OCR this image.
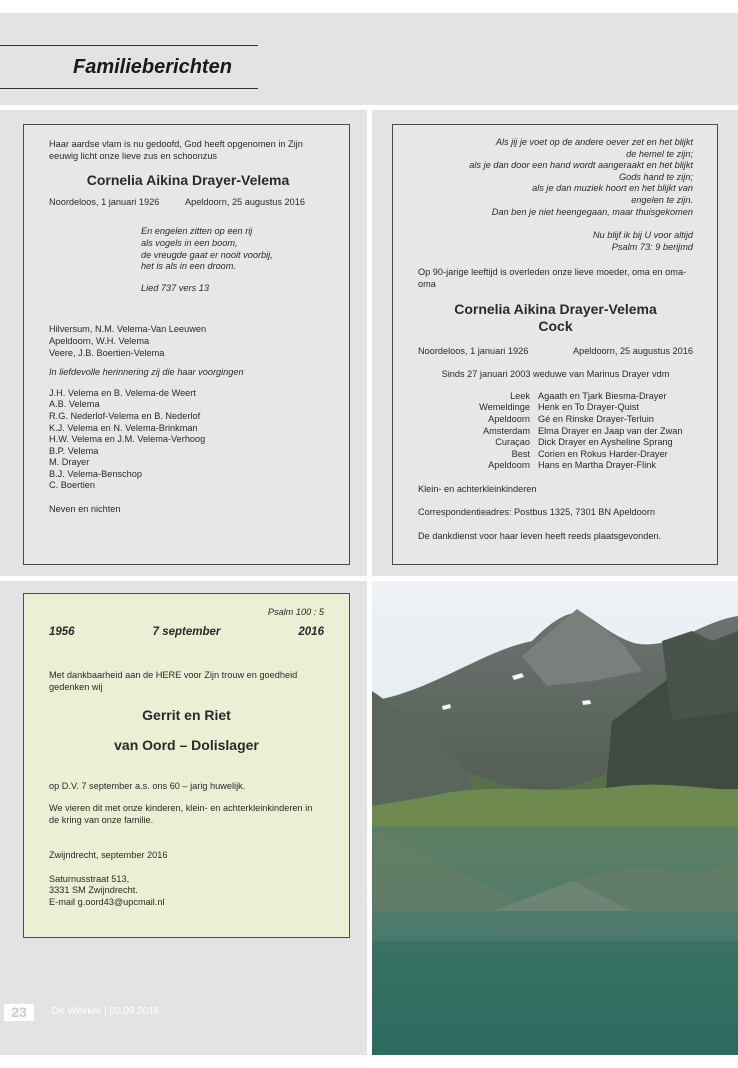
Familieberichten

Haar aardse vlam is nu gedoofd, God heeft opgenomen in Zijn eeuwig licht onze lieve zus en schoonzus

Cornelia Aikina Drayer-Velema

Noordeloos, 1 januari 1926	Apeldoorn, 25 augustus 2016

En engelen zitten op een rij

als vogels in een boom,

de vreugde gaat er nooit voorbij,

het is als in een droom.

Lied 737 vers 13

Hilversum, N.M. Velema-Van Leeuwen

Apeldoorn, W.H. Velema

Veere, J.B. Boertien-Velema

In liefdevolle herinnering zij die haar voorgingen

J.H. Velema en B. Velema-de Weert

A.B. Velema

R.G. Nederlof-Velema en B. Nederlof

K.J. Velema en N. Velema-Brinkman

H.W. Velema en J.M. Velema-Verhoog

B.P. Velema

M. Drayer

B.J. Velema-Benschop

C. Boertien

Neven en nichten

Als jij je voet op de andere oever zet en het blijkt

de hemel te zijn;

als je dan door een hand wordt aangeraakt en het blijkt

Gods hand te zijn;

als je dan muziek hoort en het blijkt van

engelen te zijn.

Dan ben je niet heengegaan, maar thuisgekomen

Nu blijf ik bij U voor altijd

Psalm 73: 9 berijmd

Op 90-jarige leeftijd is overleden onze lieve moeder, oma en oma-oma

Cornelia Aikina Drayer-Velema

Cock

Noordeloos, 1 januari 1926	Apeldoorn, 25 augustus 2016

Sinds 27 januari 2003 weduwe van Marinus Drayer vdm

Leek Agaath en Tjark Biesma-Drayer
Wemeldinge Henk en To Drayer-Quist
Apeldoorn Gé en Rinske Drayer-Terluin
Amsterdam Elma Drayer en Jaap van der Zwan
Curaçao Dick Drayer en Aysheline Sprang
Best Corien en Rokus Harder-Drayer
Apeldoorn Hans en Martha Drayer-Flink

Klein- en achterkleinkinderen

Correspondentieadres: Postbus 1325, 7301 BN Apeldoorn

De dankdienst voor haar leven heeft reeds plaatsgevonden.

Psalm 100 : 5

1956	7 september	2016

Met dankbaarheid aan de HERE voor Zijn trouw en goedheid gedenken wij

Gerrit en Riet

van Oord – Dolislager

op D.V. 7 september a.s. ons 60 – jarig huwelijk.

We vieren dit met onze kinderen, klein- en achterkleinkinderen in de kring van onze familie.

Zwijndrecht, september 2016

Saturnusstraat 513,

3331 SM Zwijndrecht.

E-mail g.oord43@upcmail.nl

23	De Wekker | 02.09.2016
